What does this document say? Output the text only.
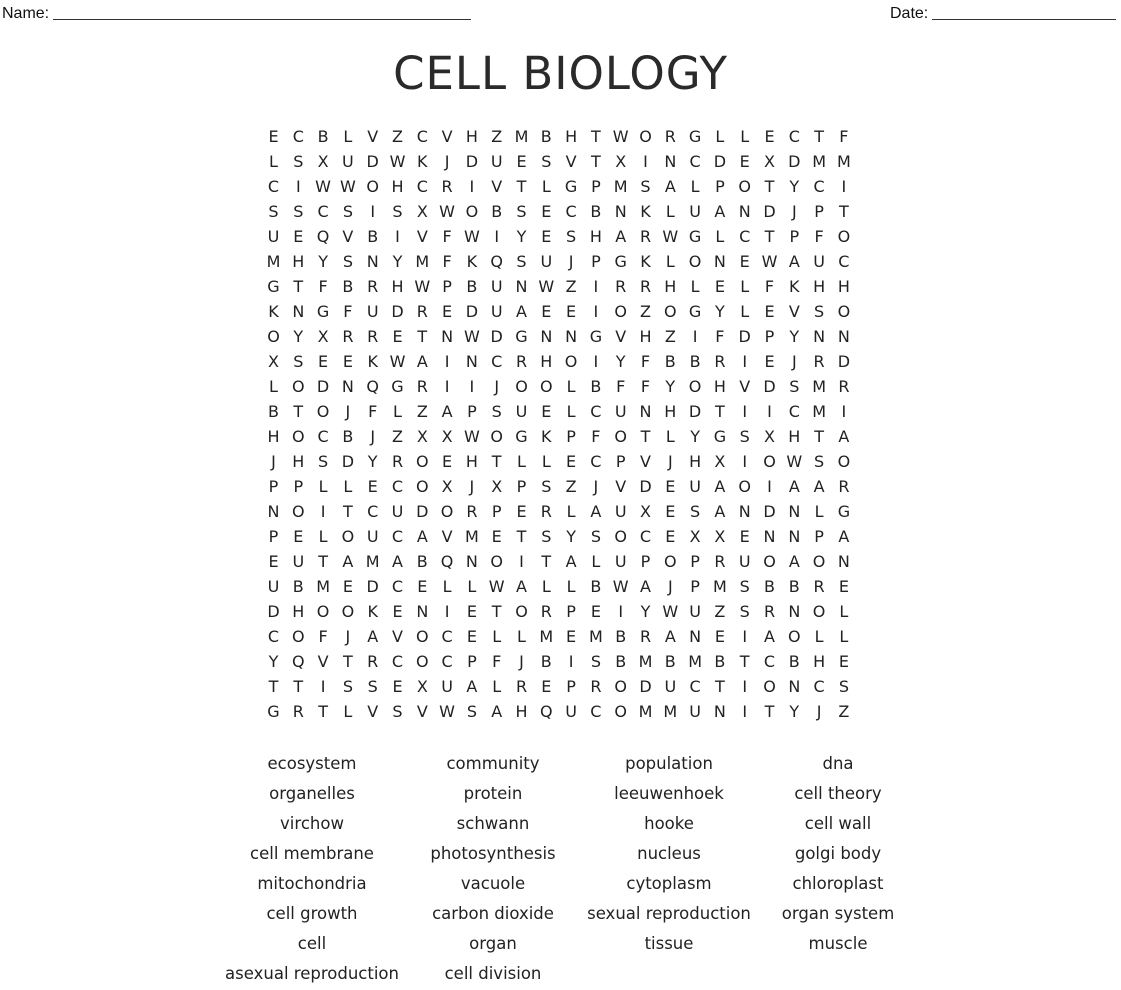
Name:	Date:
CELL BIOLOGY
E C B L V Z C V H Z M B H T W O R G L L E C T F
L S X U D W K	J	D U E S V T X	I	N C D E X D M M
C	I W W O H C R	I	V T L G P M S A L P O T Y C	I
S S C S	I	S X W O B S E C B N K L U A N D	J	P T
U E Q V B	I	V F W I	Y E S H A R W G L C T P F O
M H Y S N Y M F K Q S U	J	P G K L O N E W A U C
G T F B R H W P B U N W Z	I	R R H L E L F K H H
K N G F U D R E D U A E E	I	O Z O G Y L E V S O
O Y X R R E T N W D G N N G V H Z	I	F D P Y N N
X S E E K W A	I	N C R H O	I	Y F B B R	I	E	J	R D
L O D N Q G R	I	I	J	O O L B F F Y O H V D S M R
B T O	J	F L Z A P S U E L C U N H D T	I	I	C M I
H O C B	J	Z X X W O G K P F O T L Y G S X H T A
J	H S D Y R O E H T L L E C P V	J	H X	I	O W S O
P P L L E C O X	J	X P S Z	J	V D E U A O	I	A A R
N O	I	T C U D O R P E R L A U X E S A N D N L G
P E L O U C A V M E T S Y S O C E X X E N N P A
E U T A M A B Q N O	I	T A L U P O P R U O A O N
U B M E D C E L L W A L L B W A	J	P M S B B R E
D H O O K E N	I	E T O R P E	I	Y W U Z S R N O L
C O F	J	A V O C E L L M E M B R A N E	I	A O L L
Y Q V T R C O C P F	J	B	I	S B M B M B T C B H E
T T	I	S S E X U A L R E P R O D U C T	I	O N C S
G R T L V S V W S A H Q U C O M M U N	I	T Y	J	Z
ecosystem	community	population	dna
organelles	protein	leeuwenhoek	cell theory
virchow	schwann	hooke	cell wall
cell membrane	photosynthesis	nucleus	golgi body
mitochondria	vacuole	cytoplasm	chloroplast
cell growth	carbon dioxide	sexual reproduction	organ system
cell	organ	tissue	muscle
asexual reproduction	cell division
